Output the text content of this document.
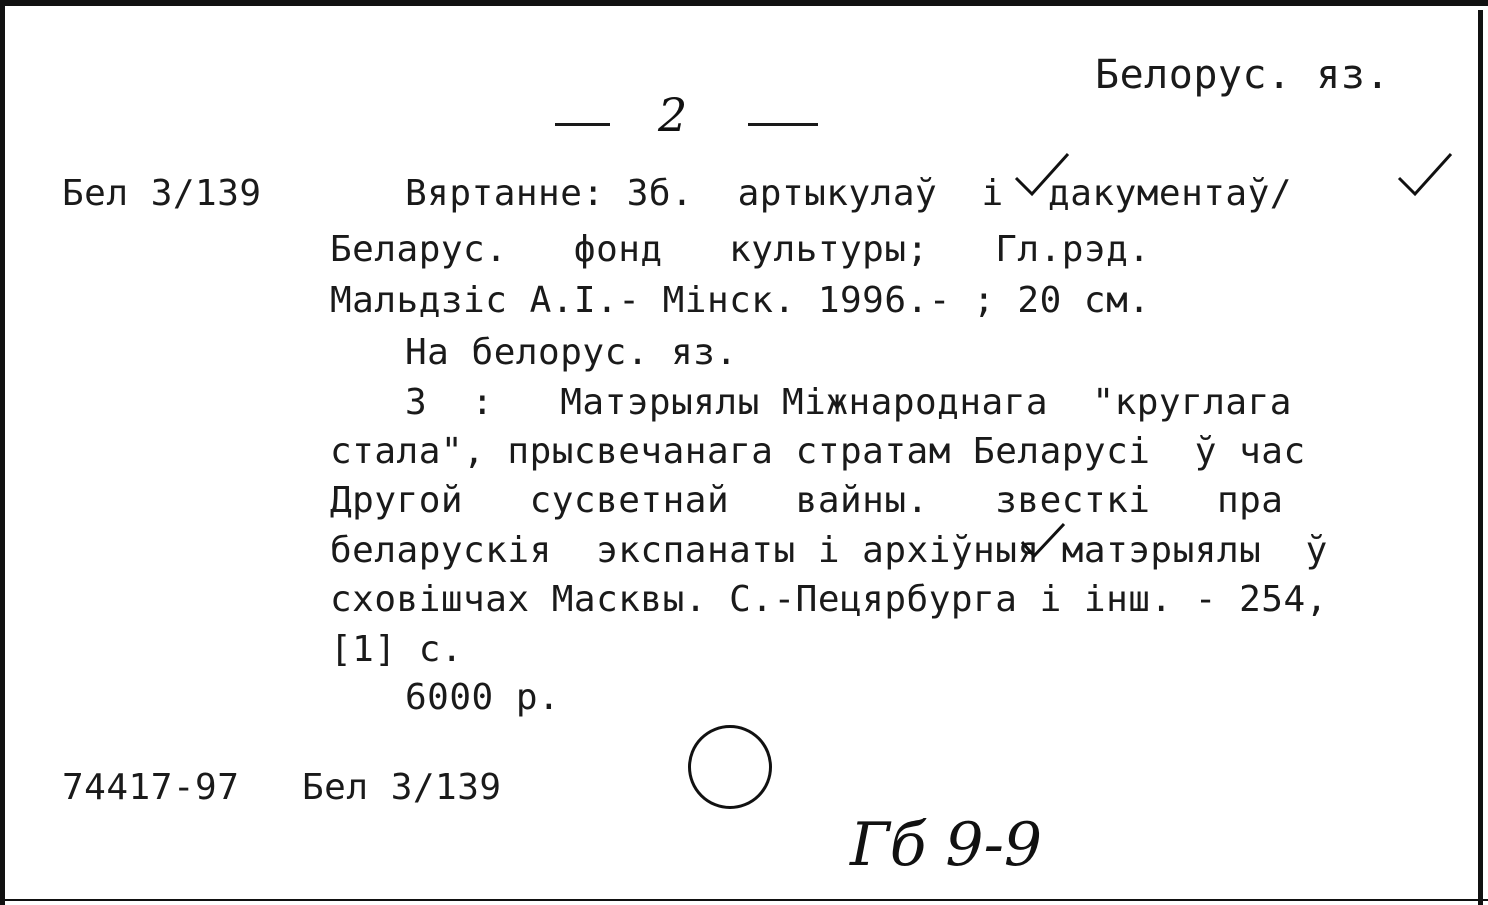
Белорус. яз.
2
Бел 3/139	Вяртанне: Зб.  артыкулаў  і  дакументаў/
Беларус.   фонд   культуры;   Гл.рэд.
Мальдзіс А.І.- Мінск. 1996.- ; 20 см.
На белорус. яз.
3  :   Матэрыялы Міжнароднага  "круглага
стала", прысвечанага стратам Беларусі  ў час
Другой   сусветнай   вайны.   звесткі   пра
беларускія  экспанаты і архіўныя матэрыялы  ў
сховішчах Масквы. С.-Пецярбурга і інш. - 254,
[1] с.
6000 р.
74417-97 Бел 3/139
Гб 9-9
